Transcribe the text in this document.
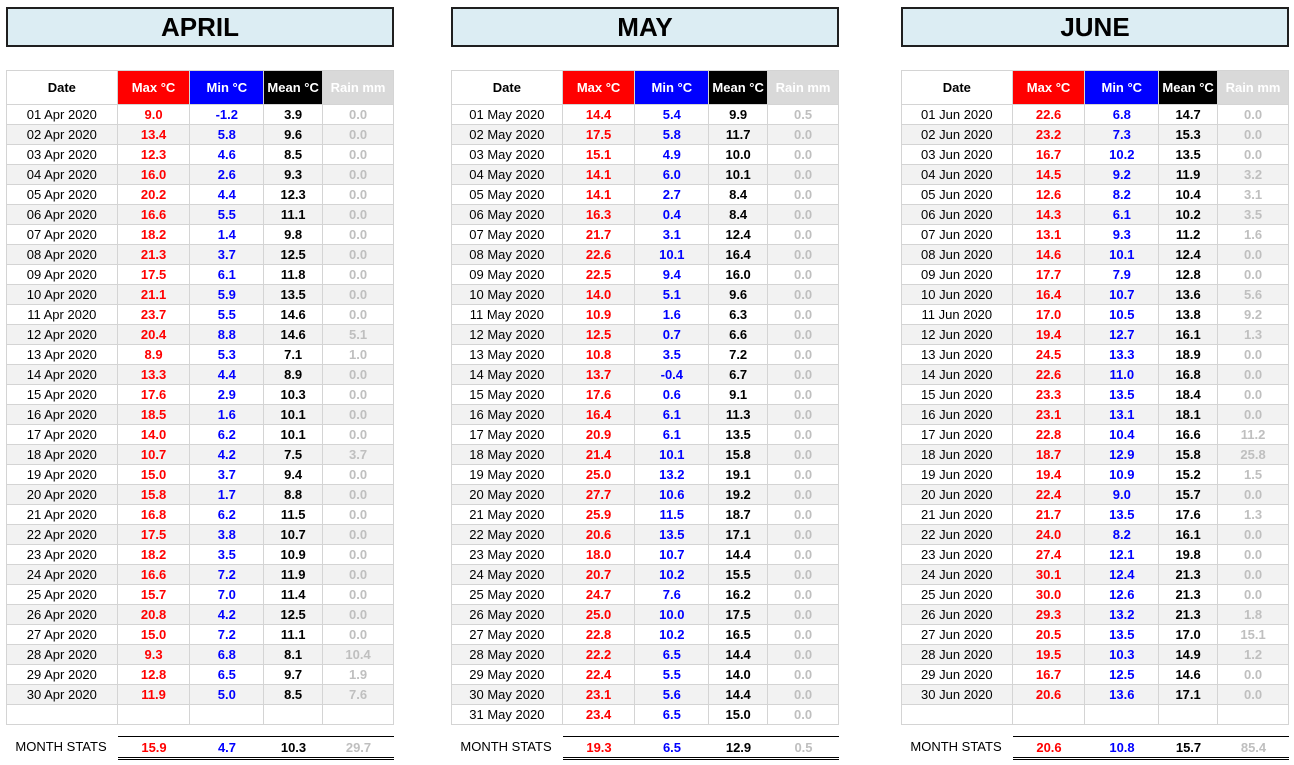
APRIL
Date	Max °C	Min °C	Mean °C	Rain mm
01 Apr 2020	9.0	-1.2	3.9	0.0
02 Apr 2020	13.4	5.8	9.6	0.0
03 Apr 2020	12.3	4.6	8.5	0.0
04 Apr 2020	16.0	2.6	9.3	0.0
05 Apr 2020	20.2	4.4	12.3	0.0
06 Apr 2020	16.6	5.5	11.1	0.0
07 Apr 2020	18.2	1.4	9.8	0.0
08 Apr 2020	21.3	3.7	12.5	0.0
09 Apr 2020	17.5	6.1	11.8	0.0
10 Apr 2020	21.1	5.9	13.5	0.0
11 Apr 2020	23.7	5.5	14.6	0.0
12 Apr 2020	20.4	8.8	14.6	5.1
13 Apr 2020	8.9	5.3	7.1	1.0
14 Apr 2020	13.3	4.4	8.9	0.0
15 Apr 2020	17.6	2.9	10.3	0.0
16 Apr 2020	18.5	1.6	10.1	0.0
17 Apr 2020	14.0	6.2	10.1	0.0
18 Apr 2020	10.7	4.2	7.5	3.7
19 Apr 2020	15.0	3.7	9.4	0.0
20 Apr 2020	15.8	1.7	8.8	0.0
21 Apr 2020	16.8	6.2	11.5	0.0
22 Apr 2020	17.5	3.8	10.7	0.0
23 Apr 2020	18.2	3.5	10.9	0.0
24 Apr 2020	16.6	7.2	11.9	0.0
25 Apr 2020	15.7	7.0	11.4	0.0
26 Apr 2020	20.8	4.2	12.5	0.0
27 Apr 2020	15.0	7.2	11.1	0.0
28 Apr 2020	9.3	6.8	8.1	10.4
29 Apr 2020	12.8	6.5	9.7	1.9
30 Apr 2020	11.9	5.0	8.5	7.6

MONTH STATS	15.9	4.7	10.3	29.7
MAY
Date	Max °C	Min °C	Mean °C	Rain mm
01 May 2020	14.4	5.4	9.9	0.5
02 May 2020	17.5	5.8	11.7	0.0
03 May 2020	15.1	4.9	10.0	0.0
04 May 2020	14.1	6.0	10.1	0.0
05 May 2020	14.1	2.7	8.4	0.0
06 May 2020	16.3	0.4	8.4	0.0
07 May 2020	21.7	3.1	12.4	0.0
08 May 2020	22.6	10.1	16.4	0.0
09 May 2020	22.5	9.4	16.0	0.0
10 May 2020	14.0	5.1	9.6	0.0
11 May 2020	10.9	1.6	6.3	0.0
12 May 2020	12.5	0.7	6.6	0.0
13 May 2020	10.8	3.5	7.2	0.0
14 May 2020	13.7	-0.4	6.7	0.0
15 May 2020	17.6	0.6	9.1	0.0
16 May 2020	16.4	6.1	11.3	0.0
17 May 2020	20.9	6.1	13.5	0.0
18 May 2020	21.4	10.1	15.8	0.0
19 May 2020	25.0	13.2	19.1	0.0
20 May 2020	27.7	10.6	19.2	0.0
21 May 2020	25.9	11.5	18.7	0.0
22 May 2020	20.6	13.5	17.1	0.0
23 May 2020	18.0	10.7	14.4	0.0
24 May 2020	20.7	10.2	15.5	0.0
25 May 2020	24.7	7.6	16.2	0.0
26 May 2020	25.0	10.0	17.5	0.0
27 May 2020	22.8	10.2	16.5	0.0
28 May 2020	22.2	6.5	14.4	0.0
29 May 2020	22.4	5.5	14.0	0.0
30 May 2020	23.1	5.6	14.4	0.0
31 May 2020	23.4	6.5	15.0	0.0
MONTH STATS	19.3	6.5	12.9	0.5
JUNE
Date	Max °C	Min °C	Mean °C	Rain mm
01 Jun 2020	22.6	6.8	14.7	0.0
02 Jun 2020	23.2	7.3	15.3	0.0
03 Jun 2020	16.7	10.2	13.5	0.0
04 Jun 2020	14.5	9.2	11.9	3.2
05 Jun 2020	12.6	8.2	10.4	3.1
06 Jun 2020	14.3	6.1	10.2	3.5
07 Jun 2020	13.1	9.3	11.2	1.6
08 Jun 2020	14.6	10.1	12.4	0.0
09 Jun 2020	17.7	7.9	12.8	0.0
10 Jun 2020	16.4	10.7	13.6	5.6
11 Jun 2020	17.0	10.5	13.8	9.2
12 Jun 2020	19.4	12.7	16.1	1.3
13 Jun 2020	24.5	13.3	18.9	0.0
14 Jun 2020	22.6	11.0	16.8	0.0
15 Jun 2020	23.3	13.5	18.4	0.0
16 Jun 2020	23.1	13.1	18.1	0.0
17 Jun 2020	22.8	10.4	16.6	11.2
18 Jun 2020	18.7	12.9	15.8	25.8
19 Jun 2020	19.4	10.9	15.2	1.5
20 Jun 2020	22.4	9.0	15.7	0.0
21 Jun 2020	21.7	13.5	17.6	1.3
22 Jun 2020	24.0	8.2	16.1	0.0
23 Jun 2020	27.4	12.1	19.8	0.0
24 Jun 2020	30.1	12.4	21.3	0.0
25 Jun 2020	30.0	12.6	21.3	0.0
26 Jun 2020	29.3	13.2	21.3	1.8
27 Jun 2020	20.5	13.5	17.0	15.1
28 Jun 2020	19.5	10.3	14.9	1.2
29 Jun 2020	16.7	12.5	14.6	0.0
30 Jun 2020	20.6	13.6	17.1	0.0

MONTH STATS	20.6	10.8	15.7	85.4
